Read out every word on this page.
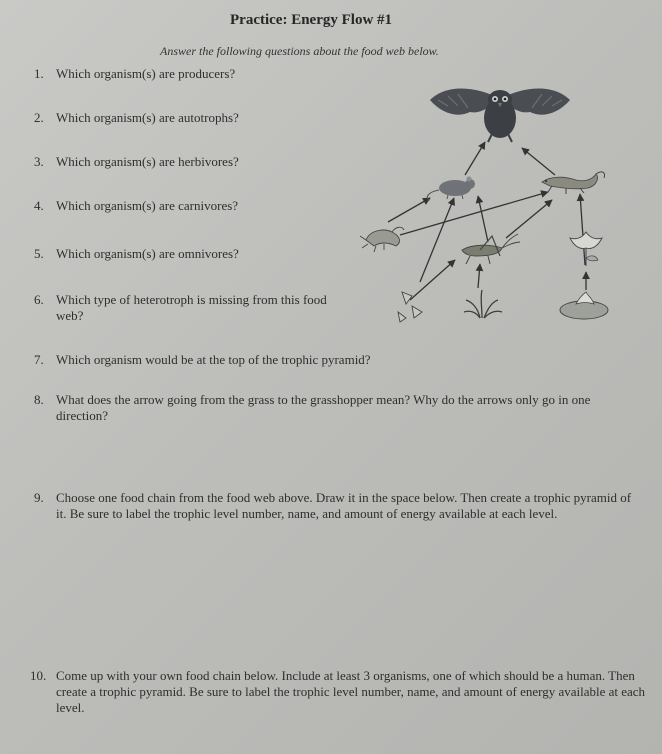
Practice: Energy Flow #1
Answer the following questions about the food web below.
1. Which organism(s) are producers?
2. Which organism(s) are autotrophs?
3. Which organism(s) are herbivores?
4. Which organism(s) are carnivores?
5. Which organism(s) are omnivores?
6. Which type of heterotroph is missing from this food web?
7. Which organism would be at the top of the trophic pyramid?
8. What does the arrow going from the grass to the grasshopper mean? Why do the arrows only go in one direction?
9. Choose one food chain from the food web above. Draw it in the space below. Then create a trophic pyramid of it. Be sure to label the trophic level number, name, and amount of energy available at each level.
10. Come up with your own food chain below. Include at least 3 organisms, one of which should be a human. Then create a trophic pyramid. Be sure to label the trophic level number, name, and amount of energy available at each level.
